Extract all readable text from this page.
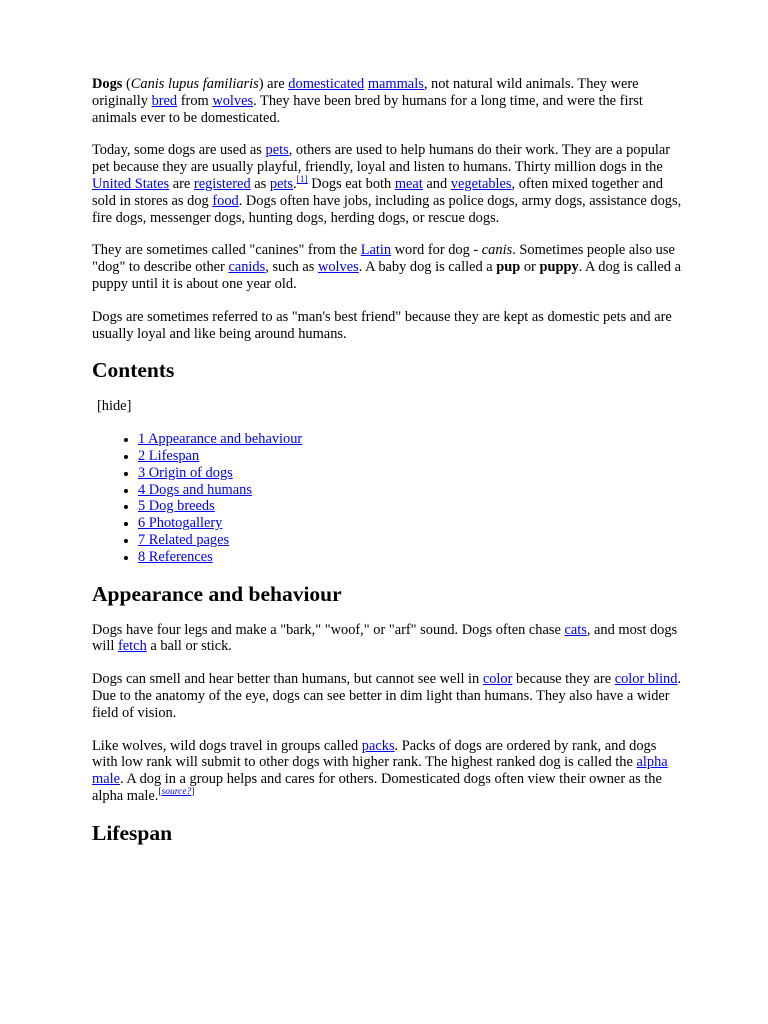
Dogs (Canis lupus familiaris) are domesticated mammals, not natural wild animals. They were originally bred from wolves. They have been bred by humans for a long time, and were the first animals ever to be domesticated.

Today, some dogs are used as pets, others are used to help humans do their work. They are a popular pet because they are usually playful, friendly, loyal and listen to humans. Thirty million dogs in the United States are registered as pets.[1] Dogs eat both meat and vegetables, often mixed together and sold in stores as dog food. Dogs often have jobs, including as police dogs, army dogs, assistance dogs, fire dogs, messenger dogs, hunting dogs, herding dogs, or rescue dogs.

They are sometimes called "canines" from the Latin word for dog - canis. Sometimes people also use "dog" to describe other canids, such as wolves. A baby dog is called a pup or puppy. A dog is called a puppy until it is about one year old.

Dogs are sometimes referred to as "man's best friend" because they are kept as domestic pets and are usually loyal and like being around humans.

Contents
[hide]
• 1 Appearance and behaviour
• 2 Lifespan
• 3 Origin of dogs
• 4 Dogs and humans
• 5 Dog breeds
• 6 Photogallery
• 7 Related pages
• 8 References
Appearance and behaviour

Dogs have four legs and make a "bark," "woof," or "arf" sound. Dogs often chase cats, and most dogs will fetch a ball or stick.

Dogs can smell and hear better than humans, but cannot see well in color because they are color blind. Due to the anatomy of the eye, dogs can see better in dim light than humans. They also have a wider field of vision.

Like wolves, wild dogs travel in groups called packs. Packs of dogs are ordered by rank, and dogs with low rank will submit to other dogs with higher rank. The highest ranked dog is called the alpha male. A dog in a group helps and cares for others. Domesticated dogs often view their owner as the alpha male.[source?]

Lifespan
